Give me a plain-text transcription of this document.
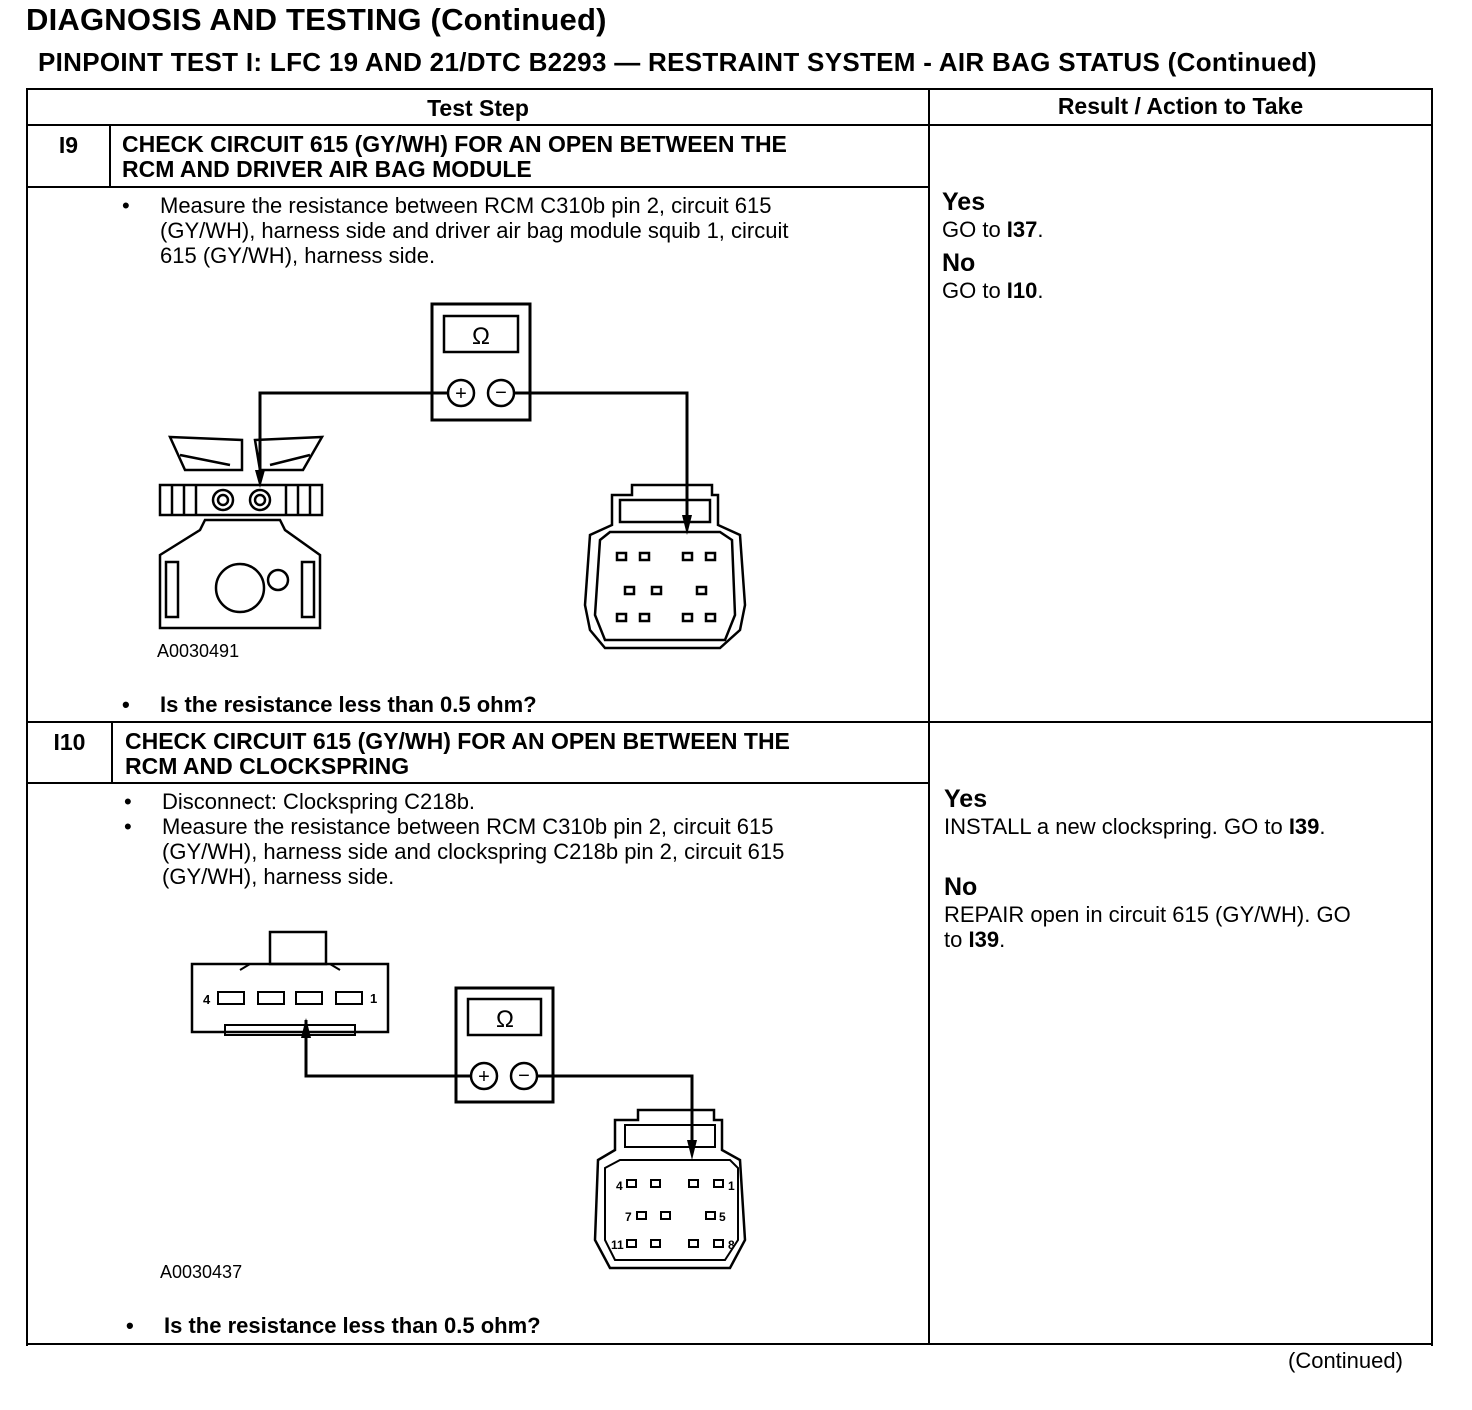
DIAGNOSIS AND TESTING (Continued)
PINPOINT TEST I: LFC 19 AND 21/DTC B2293 — RESTRAINT SYSTEM - AIR BAG STATUS (Continued)
Test Step	Result / Action to Take
I9	CHECK CIRCUIT 615 (GY/WH) FOR AN OPEN BETWEEN THE
RCM AND DRIVER AIR BAG MODULE
• Measure the resistance between RCM C310b pin 2, circuit 615
(GY/WH), harness side and driver air bag module squib 1, circuit
615 (GY/WH), harness side.
Ω
+ −
A0030491
• Is the resistance less than 0.5 ohm?
Yes
GO to I37.
No
GO to I10.
I10	CHECK CIRCUIT 615 (GY/WH) FOR AN OPEN BETWEEN THE
RCM AND CLOCKSPRING
• Disconnect: Clockspring C218b.
• Measure the resistance between RCM C310b pin 2, circuit 615
(GY/WH), harness side and clockspring C218b pin 2, circuit 615
(GY/WH), harness side.
Ω
+ −
4	1
4	1
7	5
11	8
A0030437
• Is the resistance less than 0.5 ohm?
Yes
INSTALL a new clockspring. GO to I39.
No
REPAIR open in circuit 615 (GY/WH). GO
to I39.
(Continued)
